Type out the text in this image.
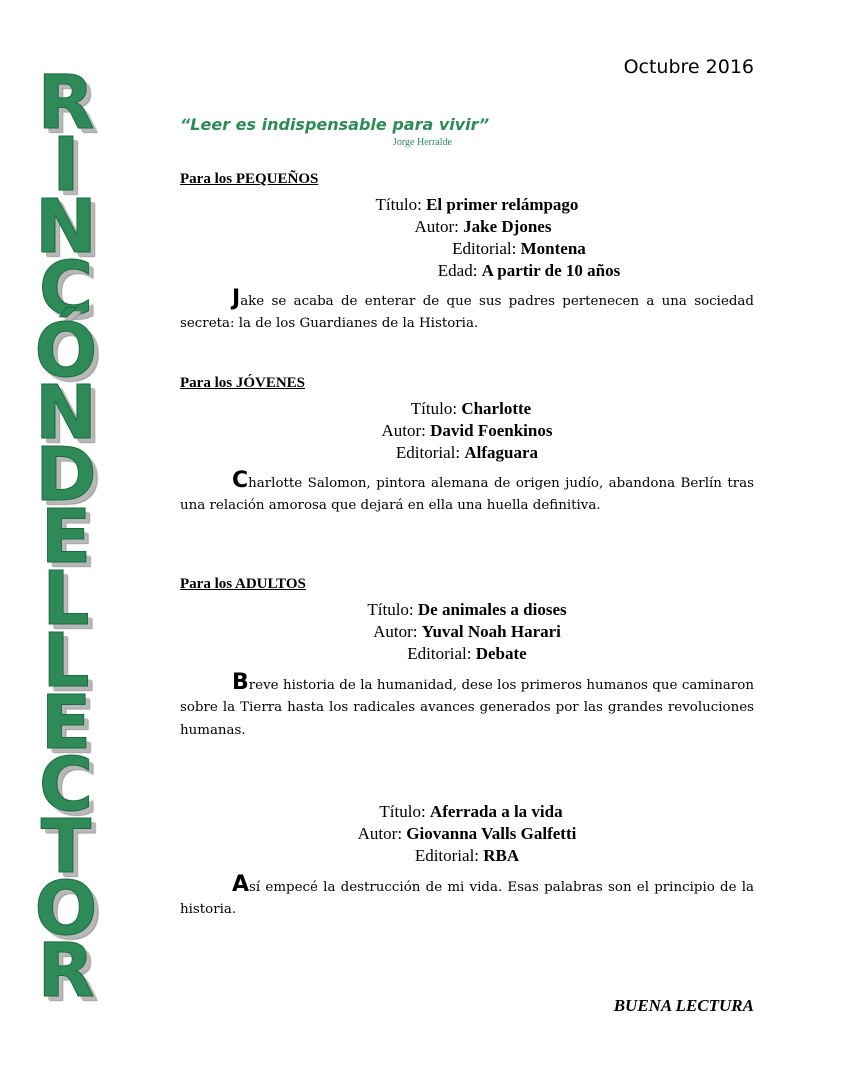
R
I
N
C
Ó
N
D
E
L
L
E
C
T
O
R
Octubre 2016
“Leer es indispensable para vivir”
Jorge Herralde
Para los PEQUEÑOS
Título: El primer relámpago
Autor: Jake Djones
Editorial: Montena
Edad: A partir de 10 años
Jake se acaba de enterar de que sus padres pertenecen a una sociedad secreta: la de los Guardianes de la Historia.
Para los JÓVENES
Título: Charlotte
Autor: David Foenkinos
Editorial: Alfaguara
Charlotte Salomon, pintora alemana de origen judío, abandona Berlín tras una relación amorosa que dejará en ella una huella definitiva.
Para los ADULTOS
Título: De animales a dioses
Autor: Yuval Noah Harari
Editorial: Debate
Breve historia de la humanidad, dese los primeros humanos que caminaron sobre la Tierra hasta los radicales avances generados por las grandes revoluciones humanas.
Título: Aferrada a la vida
Autor: Giovanna Valls Galfetti
Editorial: RBA
Así empecé la destrucción de mi vida. Esas palabras son el principio de la historia.
BUENA LECTURA
